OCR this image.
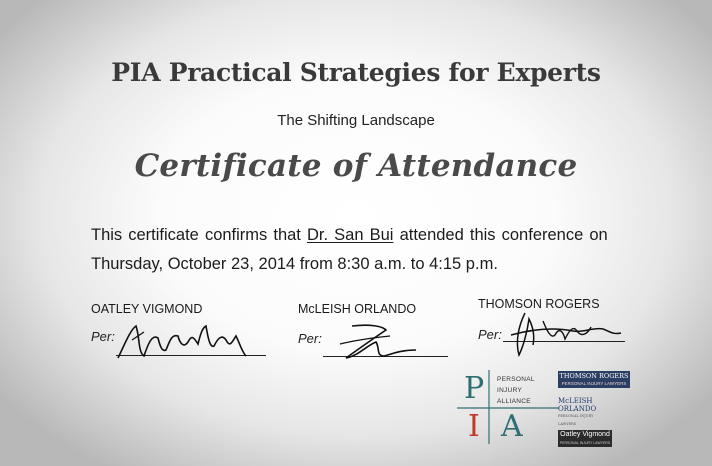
PIA Practical Strategies for Experts
The Shifting Landscape
Certificate of Attendance
This certificate confirms that Dr. San Bui attended this conference on
Thursday, October 23, 2014 from 8:30 a.m. to 4:15 p.m.
OATLEY VIGMOND
Per:
McLEISH ORLANDO
Per:
THOMSON ROGERS
Per:
P
I A
PERSONAL
INJURY
ALLIANCE
THOMSON ROGERS
PERSONAL INJURY LAWYERS
McLEISH ORLANDO
PERSONAL INJURY LAWYERS
Oatley Vigmond
PERSONAL INJURY LAWYERS
